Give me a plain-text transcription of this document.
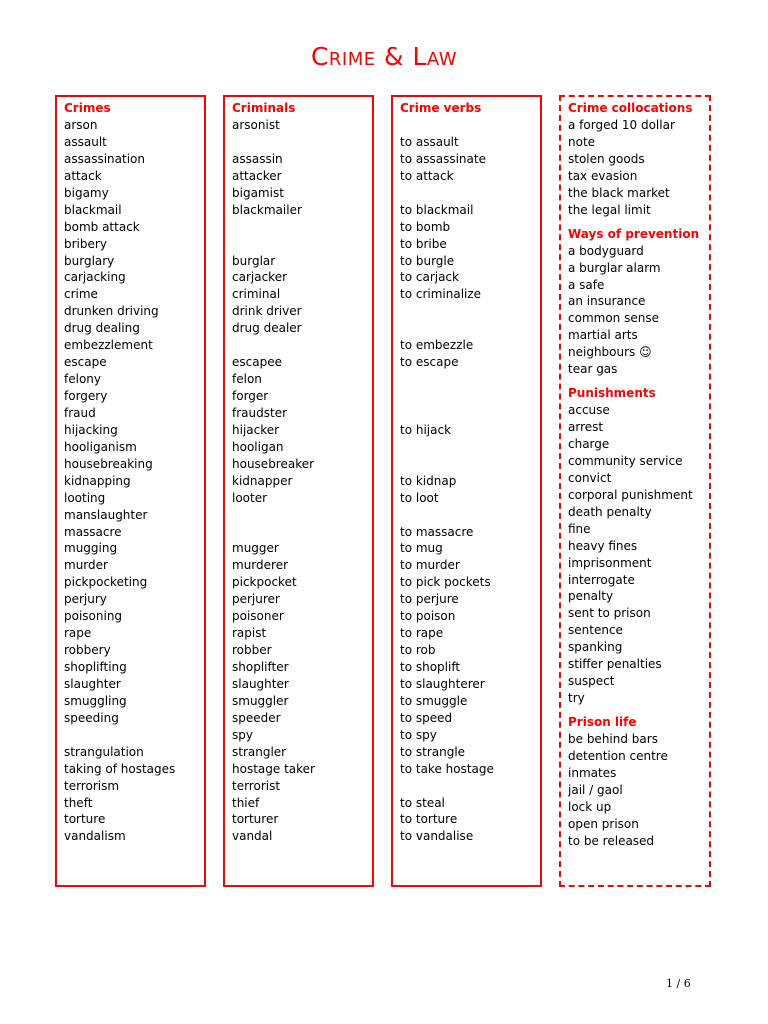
Crime & Law
Crimes
arson
assault
assassination
attack
bigamy
blackmail
bomb attack
bribery
burglary
carjacking
crime
drunken driving
drug dealing
embezzlement
escape
felony
forgery
fraud
hijacking
hooliganism
housebreaking
kidnapping
looting
manslaughter
massacre
mugging
murder
pickpocketing
perjury
poisoning
rape
robbery
shoplifting
slaughter
smuggling
speeding

strangulation
taking of hostages
terrorism
theft
torture
vandalism
Criminals
arsonist

assassin
attacker
bigamist
blackmailer

burglar
carjacker
criminal
drink driver
drug dealer

escapee
felon
forger
fraudster
hijacker
hooligan
housebreaker
kidnapper
looter

mugger
murderer
pickpocket
perjurer
poisoner
rapist
robber
shoplifter
slaughter
smuggler
speeder
spy
strangler
hostage taker
terrorist
thief
torturer
vandal
Crime verbs

to assault
to assassinate
to attack

to blackmail
to bomb
to bribe
to burgle
to carjack
to criminalize

to embezzle
to escape

to hijack

to kidnap
to loot

to massacre
to mug
to murder
to pick pockets
to perjure
to poison
to rape
to rob
to shoplift
to slaughterer
to smuggle
to speed
to spy
to strangle
to take hostage

to steal
to torture
to vandalise
Crime collocations
a forged 10 dollar
note
stolen goods
tax evasion
the black market
the legal limit
Ways of prevention
a bodyguard
a burglar alarm
a safe
an insurance
common sense
martial arts
neighbours ☺
tear gas
Punishments
accuse
arrest
charge
community service
convict
corporal punishment
death penalty
fine
heavy fines
imprisonment
interrogate
penalty
sent to prison
sentence
spanking
stiffer penalties
suspect
try
Prison life
be behind bars
detention centre
inmates
jail / gaol
lock up
open prison
to be released
1 / 6
